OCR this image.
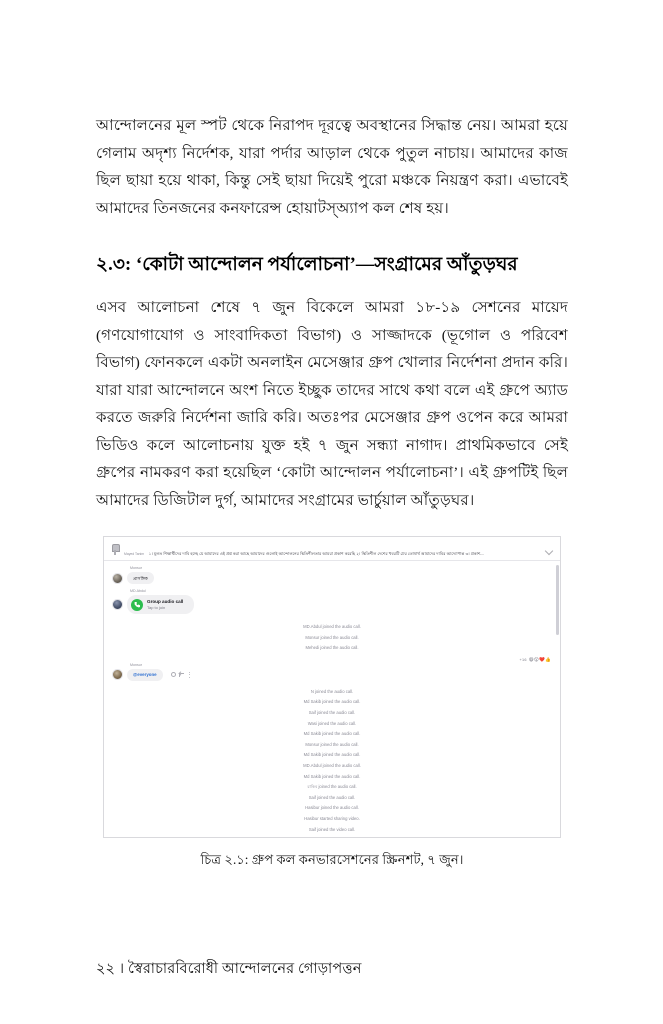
আন্দোলনের মূল স্পট থেকে নিরাপদ দূরত্বে অবস্থানের সিদ্ধান্ত নেয়। আমরা হয়ে গেলাম অদৃশ্য নির্দেশক, যারা পর্দার আড়াল থেকে পুতুল নাচায়। আমাদের কাজ ছিল ছায়া হয়ে থাকা, কিন্তু সেই ছায়া দিয়েই পুরো মঞ্চকে নিয়ন্ত্রণ করা। এভাবেই আমাদের তিনজনের কনফারেন্স হোয়াটস্অ্যাপ কল শেষ হয়।

২.৩: ‘কোটা আন্দোলন পর্যালোচনা’—সংগ্রামের আঁতুড়ঘর

এসব আলোচনা শেষে ৭ জুন বিকেলে আমরা ১৮-১৯ সেশনের মায়েদ (গণযোগাযোগ ও সাংবাদিকতা বিভাগ) ও সাজ্জাদকে (ভূগোল ও পরিবেশ বিভাগ) ফোনকলে একটা অনলাইন মেসেঞ্জার গ্রুপ খোলার নির্দেশনা প্রদান করি। যারা যারা আন্দোলনে অংশ নিতে ইচ্ছুক তাদের সাথে কথা বলে এই গ্রুপে অ্যাড করতে জরুরি নির্দেশনা জারি করি। অতঃপর মেসেঞ্জার গ্রুপ ওপেন করে আমরা ভিডিও কলে আলোচনায় যুক্ত হই ৭ জুন সন্ধ্যা নাগাদ। প্রাথমিকভাবে সেই গ্রুপের নামকরণ করা হয়েছিল ‘কোটা আন্দোলন পর্যালোচনা’। এই গ্রুপটিই ছিল আমাদের ডিজিটাল দুর্গ, আমাদের সংগ্রামের ভার্চুয়াল আঁতুড়ঘর।

Mayed Tanim ১। মূলত শিক্ষার্থীদের দাবি হচ্ছে যে আমাদের এই প্রশ্ন করা আছে আমাদের গুলোই আন্দোলনের স্থিতিশীলতার আমরা প্রকাশ করেছি ২। স্থিতিশীল দেশের খবরটি ঢের তোষার্থ আমাদের দাবির আদ্যোপান্ত ৩। প্রকাশ...
Monsur
প্রাসঙ্গিক
MD.Abdul
Group audio call
Tap to join
MD.Abdul joined the audio call.
Monsur joined the audio call.
Mehedi joined the audio call.
Monsur
@everyone
+16 😆😮❤️👍
N joined the audio call.
Md Sakib joined the audio call.
Saif joined the audio call.
Wasi joined the audio call.
Md Sakib joined the audio call.
Monsur joined the audio call.
Md Sakib joined the audio call.
MD.Abdul joined the audio call.
Md Sakib joined the audio call.
রাকিব joined the audio call.
Saif joined the audio call.
Hasibur joined the audio call.
Hasibur started sharing video.
Saif joined the video call.
চিত্র ২.১: গ্রুপ কল কনভারসেশনের স্ক্রিনশট, ৭ জুন।
২২ । স্বৈরাচারবিরোধী আন্দোলনের গোড়াপত্তন
